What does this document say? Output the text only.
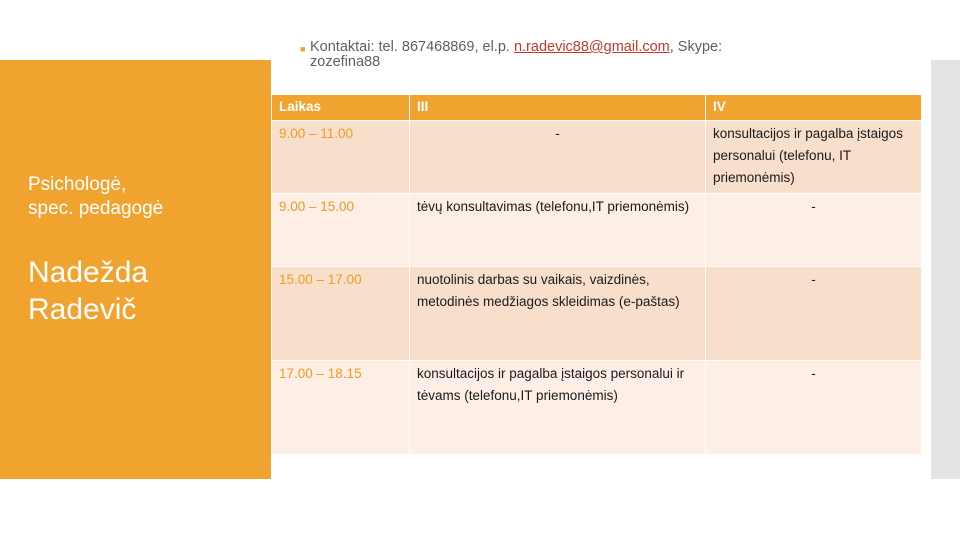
■ Kontaktai: tel. 867468869, el.p. n.radevic88@gmail.com, Skype:
zozefina88
Psichologė,
spec. pedagogė
Nadežda
Radevič
Laikas	III	IV
9.00 – 11.00	-	konsultacijos ir pagalba įstaigos personalui (telefonu, IT priemonėmis)
9.00 – 15.00	tėvų konsultavimas (telefonu,IT priemonėmis)	-
15.00 – 17.00	nuotolinis darbas su vaikais, vaizdinės, metodinės medžiagos skleidimas (e-paštas)	-
17.00 – 18.15	konsultacijos ir pagalba įstaigos personalui ir tėvams (telefonu,IT priemonėmis)	-
